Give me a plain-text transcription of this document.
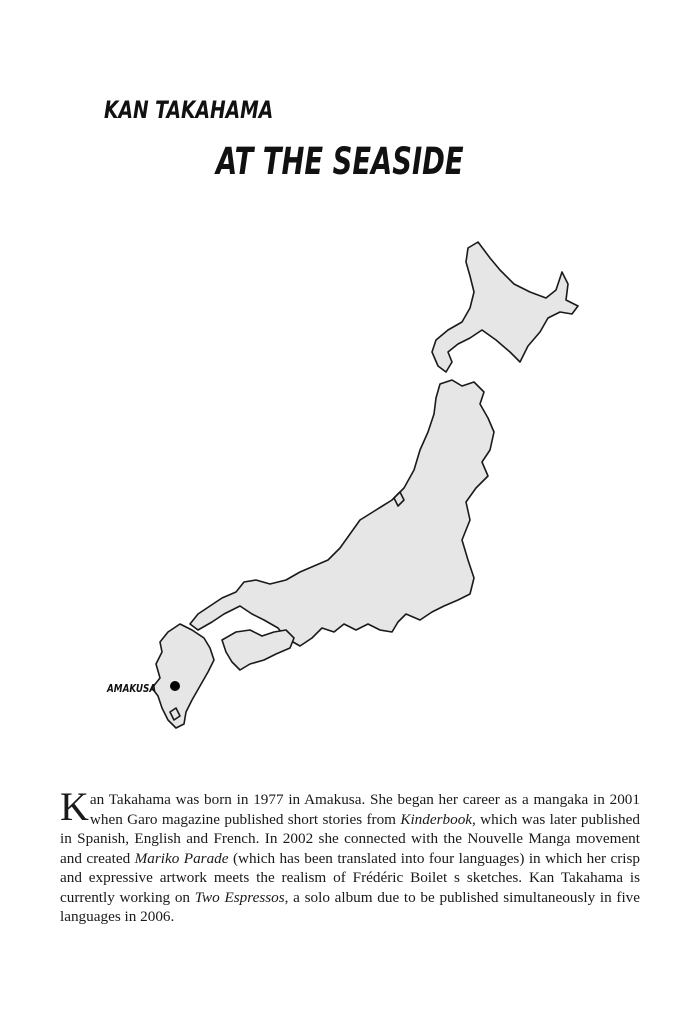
KAN TAKAHAMA
AT THE SEASIDE
AMAKUSA

Kan Takahama was born in 1977 in Amakusa. She began her career as a mangaka in 2001 when Garo magazine published short stories from Kinderbook, which was later published in Spanish, English and French. In 2002 she connected with the Nouvelle Manga movement and created Mariko Parade (which has been translated into four languages) in which her crisp and expressive artwork meets the realism of Frédéric Boilet s sketches. Kan Takahama is currently working on Two Espressos, a solo album due to be published simultaneously in five languages in 2006.
